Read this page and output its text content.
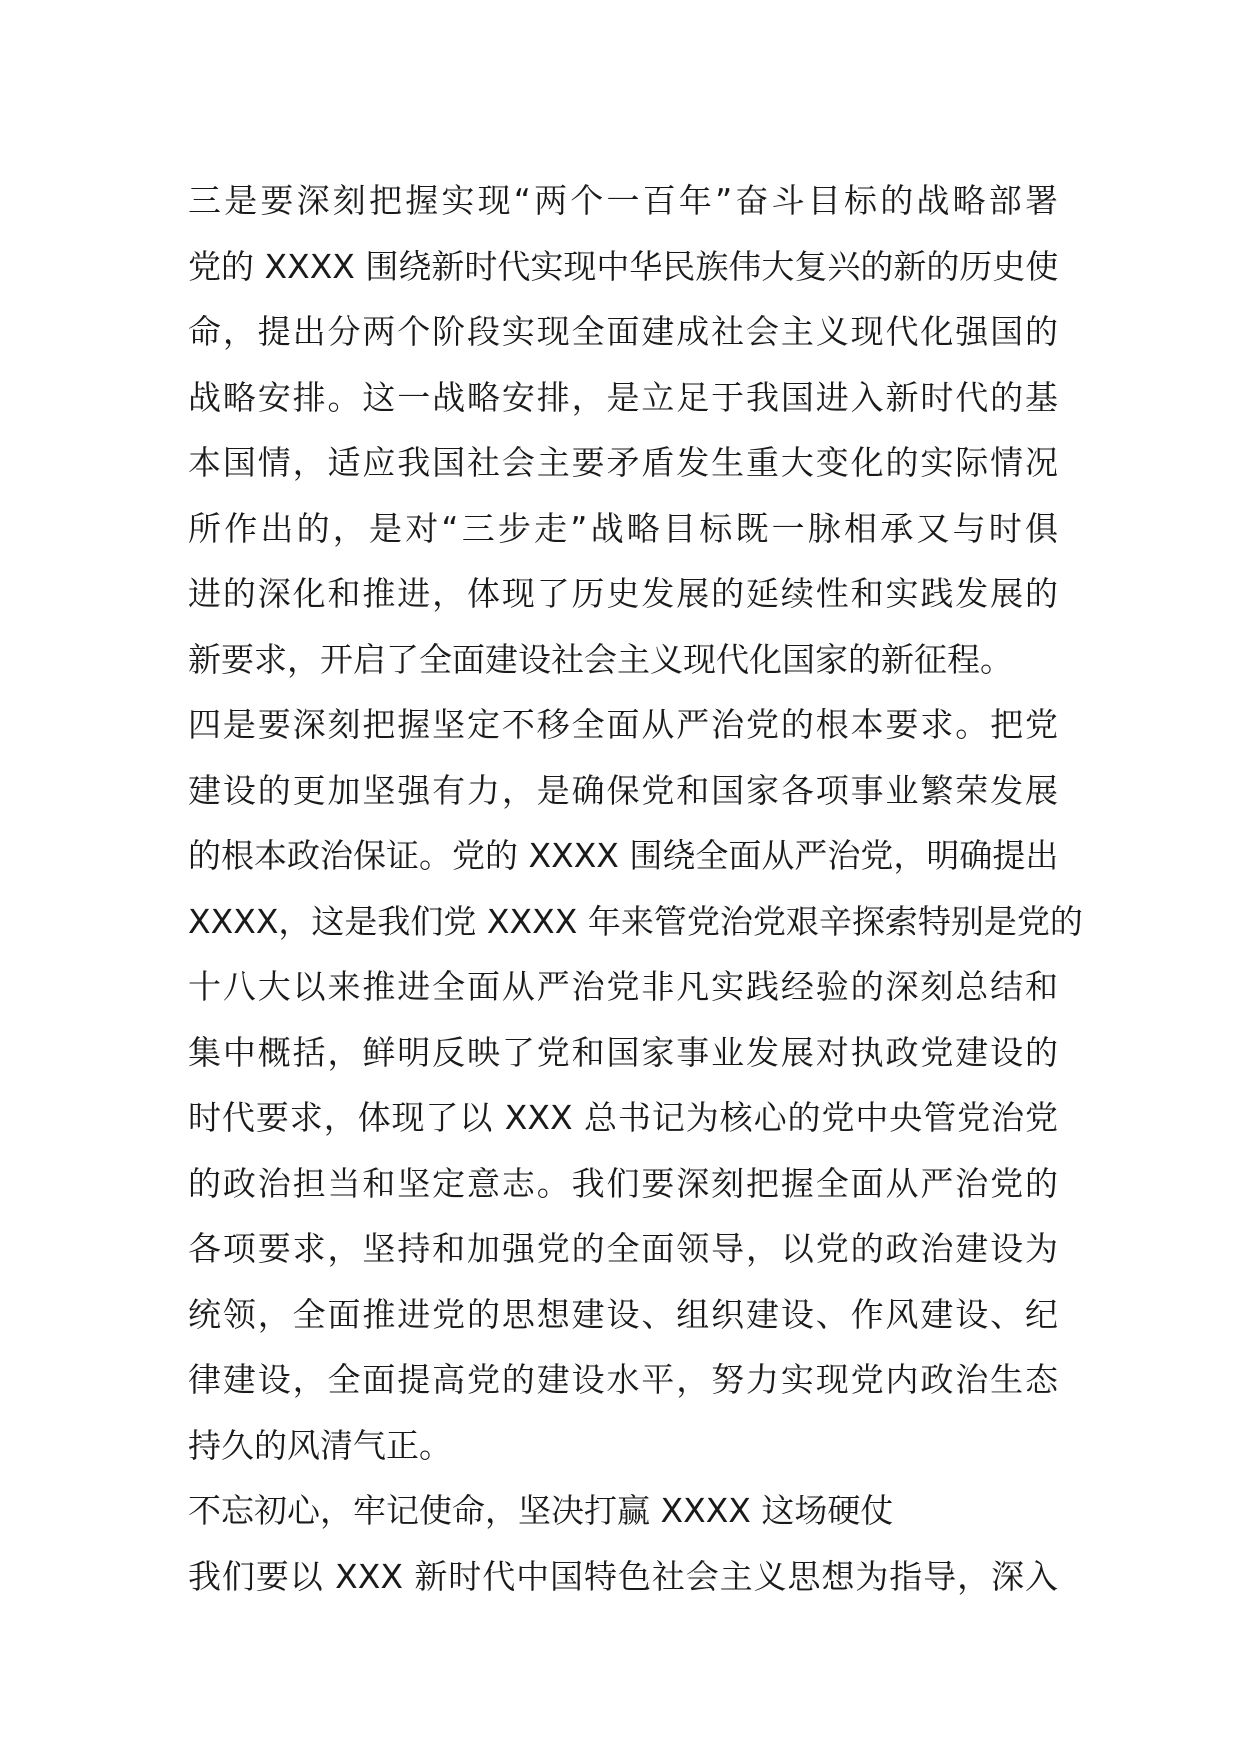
三是要深刻把握实现“两个一百年”奋斗目标的战略部署
党的 XXXX 围绕新时代实现中华民族伟大复兴的新的历史使
命，提出分两个阶段实现全面建成社会主义现代化强国的
战略安排。这一战略安排，是立足于我国进入新时代的基
本国情，适应我国社会主要矛盾发生重大变化的实际情况
所作出的，是对“三步走”战略目标既一脉相承又与时俱
进的深化和推进，体现了历史发展的延续性和实践发展的
新要求，开启了全面建设社会主义现代化国家的新征程。
四是要深刻把握坚定不移全面从严治党的根本要求。把党
建设的更加坚强有力，是确保党和国家各项事业繁荣发展
的根本政治保证。党的 XXXX 围绕全面从严治党，明确提出
XXXX，这是我们党 XXXX 年来管党治党艰辛探索特别是党的
十八大以来推进全面从严治党非凡实践经验的深刻总结和
集中概括，鲜明反映了党和国家事业发展对执政党建设的
时代要求，体现了以 XXX 总书记为核心的党中央管党治党
的政治担当和坚定意志。我们要深刻把握全面从严治党的
各项要求，坚持和加强党的全面领导，以党的政治建设为
统领，全面推进党的思想建设、组织建设、作风建设、纪
律建设，全面提高党的建设水平，努力实现党内政治生态
持久的风清气正。
不忘初心，牢记使命，坚决打赢 XXXX 这场硬仗
我们要以 XXX 新时代中国特色社会主义思想为指导，深入
